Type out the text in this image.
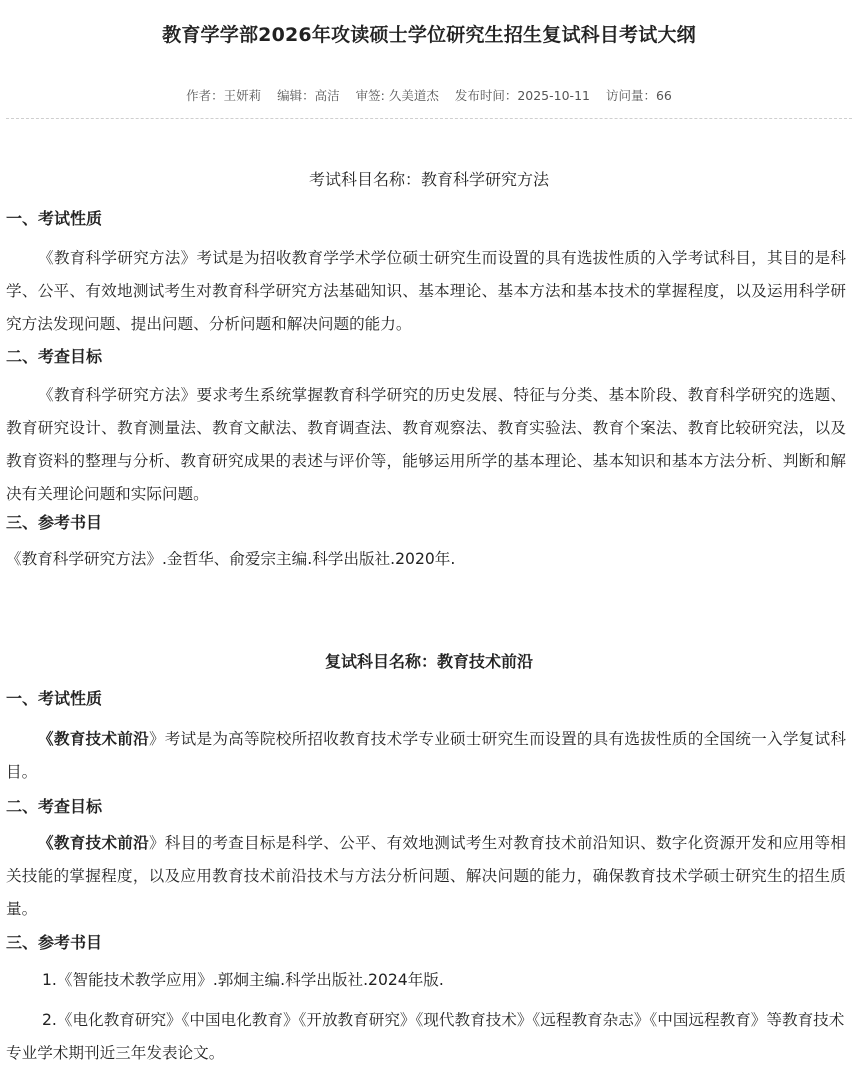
教育学学部2026年攻读硕士学位研究生招生复试科目考试大纲
作者：王妍莉 编辑：高洁 审签: 久美道杰 发布时间：2025-10-11 访问量：66
考试科目名称：教育科学研究方法
一、考试性质

《教育科学研究方法》考试是为招收教育学学术学位硕士研究生而设置的具有选拔性质的入学考试科目，其目的是科学、公平、有效地测试考生对教育科学研究方法基础知识、基本理论、基本方法和基本技术的掌握程度，以及运用科学研究方法发现问题、提出问题、分析问题和解决问题的能力。

二、考查目标

《教育科学研究方法》要求考生系统掌握教育科学研究的历史发展、特征与分类、基本阶段、教育科学研究的选题、教育研究设计、教育测量法、教育文献法、教育调查法、教育观察法、教育实验法、教育个案法、教育比较研究法，以及教育资料的整理与分析、教育研究成果的表述与评价等，能够运用所学的基本理论、基本知识和基本方法分析、判断和解决有关理论问题和实际问题。

三、参考书目

《教育科学研究方法》.金哲华、俞爱宗主编.科学出版社.2020年.

复试科目名称：教育技术前沿
一、考试性质

《教育技术前沿》考试是为高等院校所招收教育技术学专业硕士研究生而设置的具有选拔性质的全国统一入学复试科目。

二、考查目标

《教育技术前沿》科目的考查目标是科学、公平、有效地测试考生对教育技术前沿知识、数字化资源开发和应用等相关技能的掌握程度，以及应用教育技术前沿技术与方法分析问题、解决问题的能力，确保教育技术学硕士研究生的招生质量。

三、参考书目

1.《智能技术教学应用》.郭炯主编.科学出版社.2024年版.

2.《电化教育研究》《中国电化教育》《开放教育研究》《现代教育技术》《远程教育杂志》《中国远程教育》等教育技术专业学术期刊近三年发表论文。
